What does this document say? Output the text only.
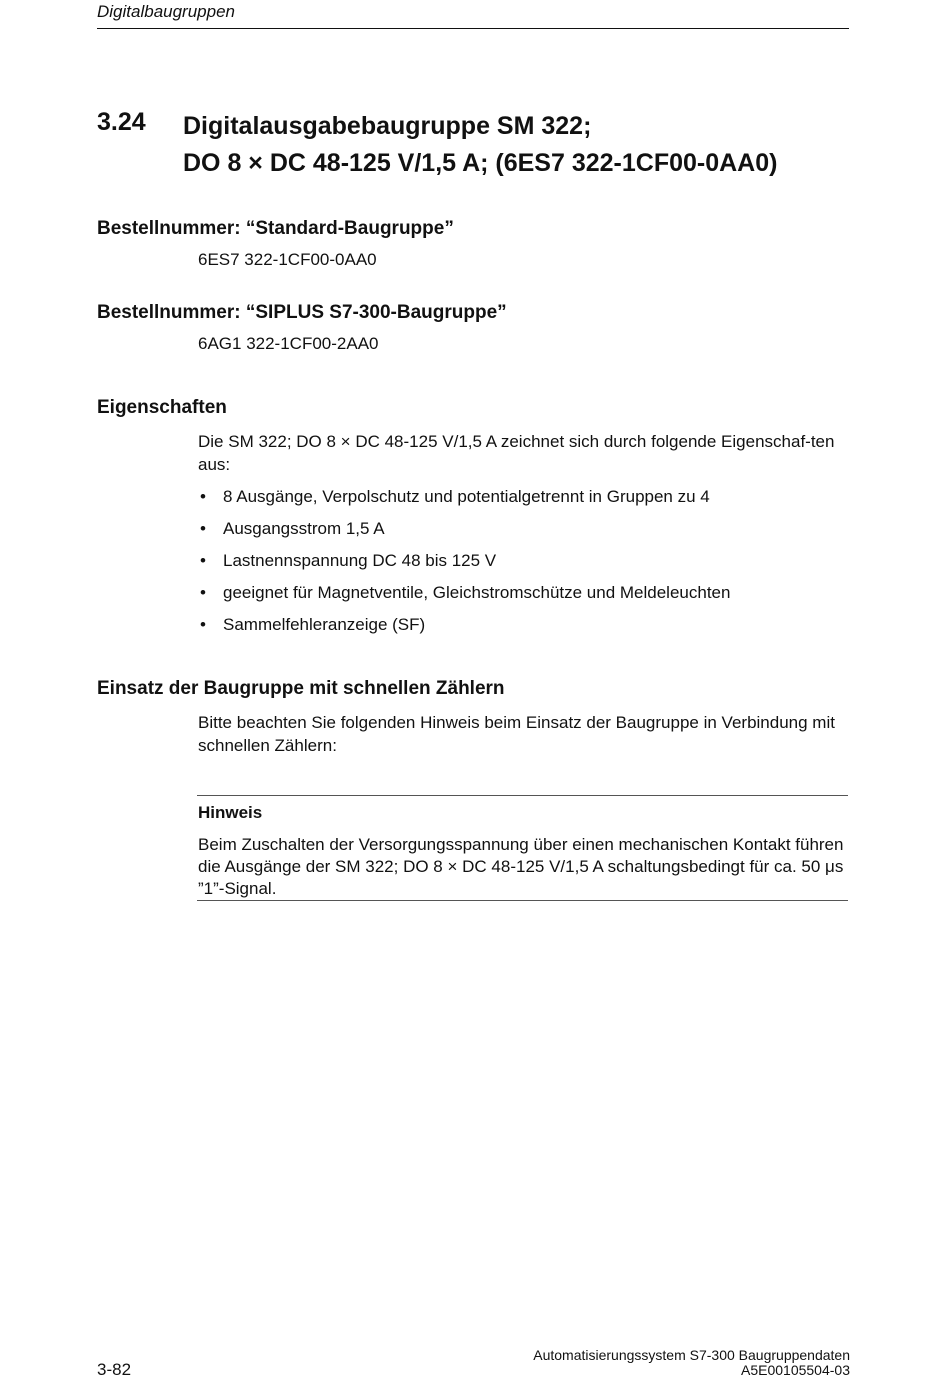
Digitalbaugruppen
3.24 Digitalausgabebaugruppe SM 322;
DO 8 × DC 48-125 V/1,5 A; (6ES7 322-1CF00-0AA0)
Bestellnummer: “Standard-Baugruppe”
6ES7 322-1CF00-0AA0
Bestellnummer: “SIPLUS S7-300-Baugruppe”
6AG1 322-1CF00-2AA0
Eigenschaften
Die SM 322; DO 8 × DC 48-125 V/1,5 A zeichnet sich durch folgende Eigenschaf-ten aus:
• 8 Ausgänge, Verpolschutz und potentialgetrennt in Gruppen zu 4
• Ausgangsstrom 1,5 A
• Lastnennspannung DC 48 bis 125 V
• geeignet für Magnetventile, Gleichstromschütze und Meldeleuchten
• Sammelfehleranzeige (SF)
Einsatz der Baugruppe mit schnellen Zählern
Bitte beachten Sie folgenden Hinweis beim Einsatz der Baugruppe in Verbindung mit schnellen Zählern:
Hinweis
Beim Zuschalten der Versorgungsspannung über einen mechanischen Kontakt führen die Ausgänge der SM 322; DO 8 × DC 48-125 V/1,5 A schaltungsbedingt für ca. 50 μs ”1”-Signal.
3-82
Automatisierungssystem S7-300 Baugruppendaten
A5E00105504-03
